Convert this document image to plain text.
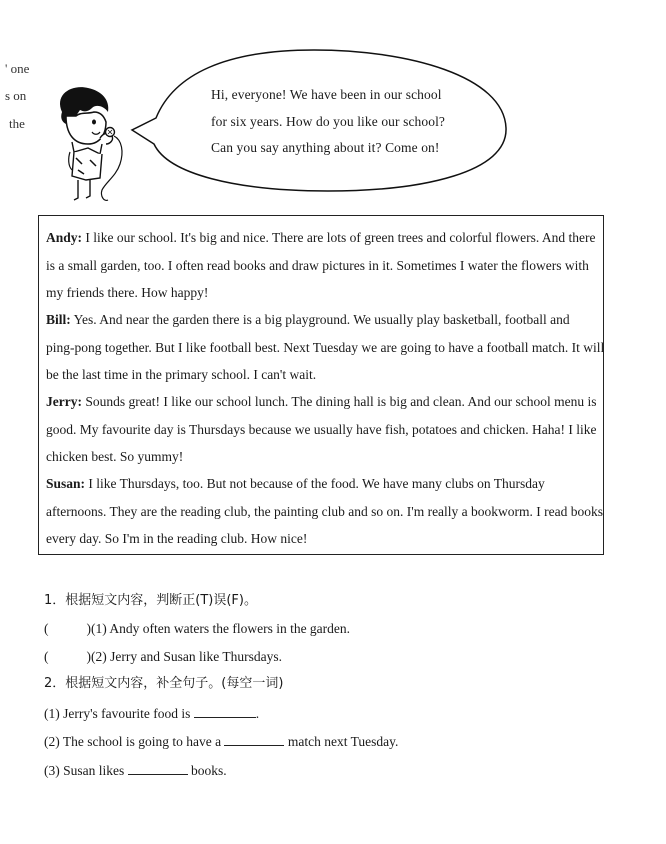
' one
s on
the
Hi, everyone! We have been in our school
for six years. How do you like our school?
Can you say anything about it? Come on!
Andy: I like our school. It's big and nice. There are lots of green trees and colorful flowers. And there
is a small garden, too. I often read books and draw pictures in it. Sometimes I water the flowers with
my friends there. How happy!
Bill: Yes. And near the garden there is a big playground. We usually play basketball, football and
ping-pong together. But I like football best. Next Tuesday we are going to have a football match. It will
be the last time in the primary school. I can't wait.
Jerry: Sounds great! I like our school lunch. The dining hall is big and clean. And our school menu is
good. My favourite day is Thursdays because we usually have fish, potatoes and chicken. Haha! I like
chicken best. So yummy!
Susan: I like Thursdays, too. But not because of the food. We have many clubs on Thursday
afternoons. They are the reading club, the painting club and so on. I'm really a bookworm. I read books
every day. So I'm in the reading club. How nice!
1．根据短文内容，判断正(T)误(F)。
(	)(1) Andy often waters the flowers in the garden.
(	)(2) Jerry and Susan like Thursdays.
2．根据短文内容，补全句子。(每空一词)
(1) Jerry's favourite food is	.
(2) The school is going to have a	match next Tuesday.
(3) Susan likes	books.
